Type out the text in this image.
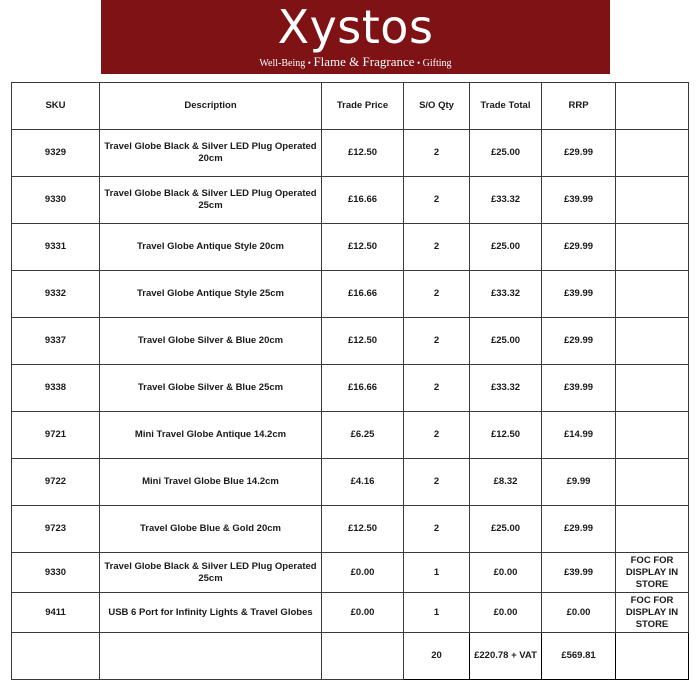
Xystos
Well-Being • Flame & Fragrance • Gifting
SKU	Description	Trade Price	S/O Qty	Trade Total	RRP	
9329	Travel Globe Black & Silver LED Plug Operated 20cm	£12.50	2	£25.00	£29.99	
9330	Travel Globe Black & Silver LED Plug Operated 25cm	£16.66	2	£33.32	£39.99	
9331	Travel Globe Antique Style 20cm	£12.50	2	£25.00	£29.99	
9332	Travel Globe Antique Style 25cm	£16.66	2	£33.32	£39.99	
9337	Travel Globe Silver & Blue 20cm	£12.50	2	£25.00	£29.99	
9338	Travel Globe Silver & Blue 25cm	£16.66	2	£33.32	£39.99	
9721	Mini Travel Globe Antique 14.2cm	£6.25	2	£12.50	£14.99	
9722	Mini Travel Globe Blue 14.2cm	£4.16	2	£8.32	£9.99	
9723	Travel Globe Blue & Gold 20cm	£12.50	2	£25.00	£29.99	
9330	Travel Globe Black & Silver LED Plug Operated 25cm	£0.00	1	£0.00	£39.99	FOC FOR DISPLAY IN STORE
9411	USB 6 Port for Infinity Lights & Travel Globes	£0.00	1	£0.00	£0.00	FOC FOR DISPLAY IN STORE
			20	£220.78 + VAT	£569.81	
